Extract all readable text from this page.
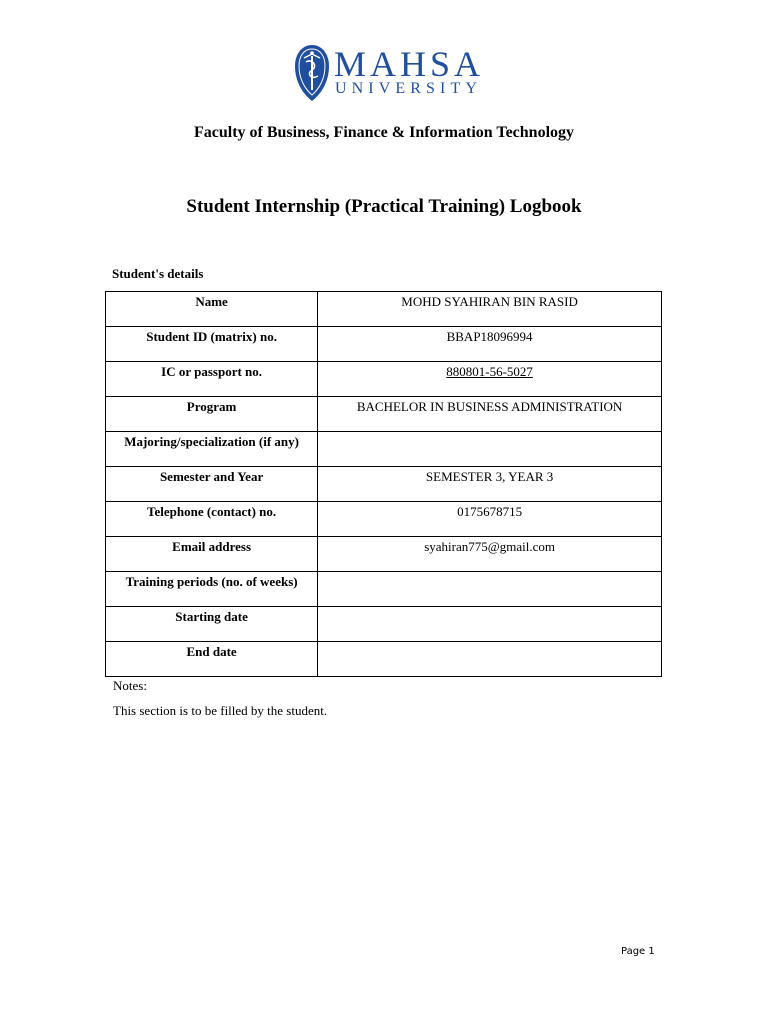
MAHSA
UNIVERSITY
Faculty of Business, Finance & Information Technology
Student Internship (Practical Training) Logbook
Student's details
Name	MOHD SYAHIRAN BIN RASID
Student ID (matrix) no.	BBAP18096994
IC or passport no.	880801-56-5027
Program	BACHELOR IN BUSINESS ADMINISTRATION
Majoring/specialization (if any)	
Semester and Year	SEMESTER 3, YEAR 3
Telephone (contact) no.	0175678715
Email address	syahiran775@gmail.com
Training periods (no. of weeks)	
Starting date	
End date	
Notes:
This section is to be filled by the student.
Page 1
